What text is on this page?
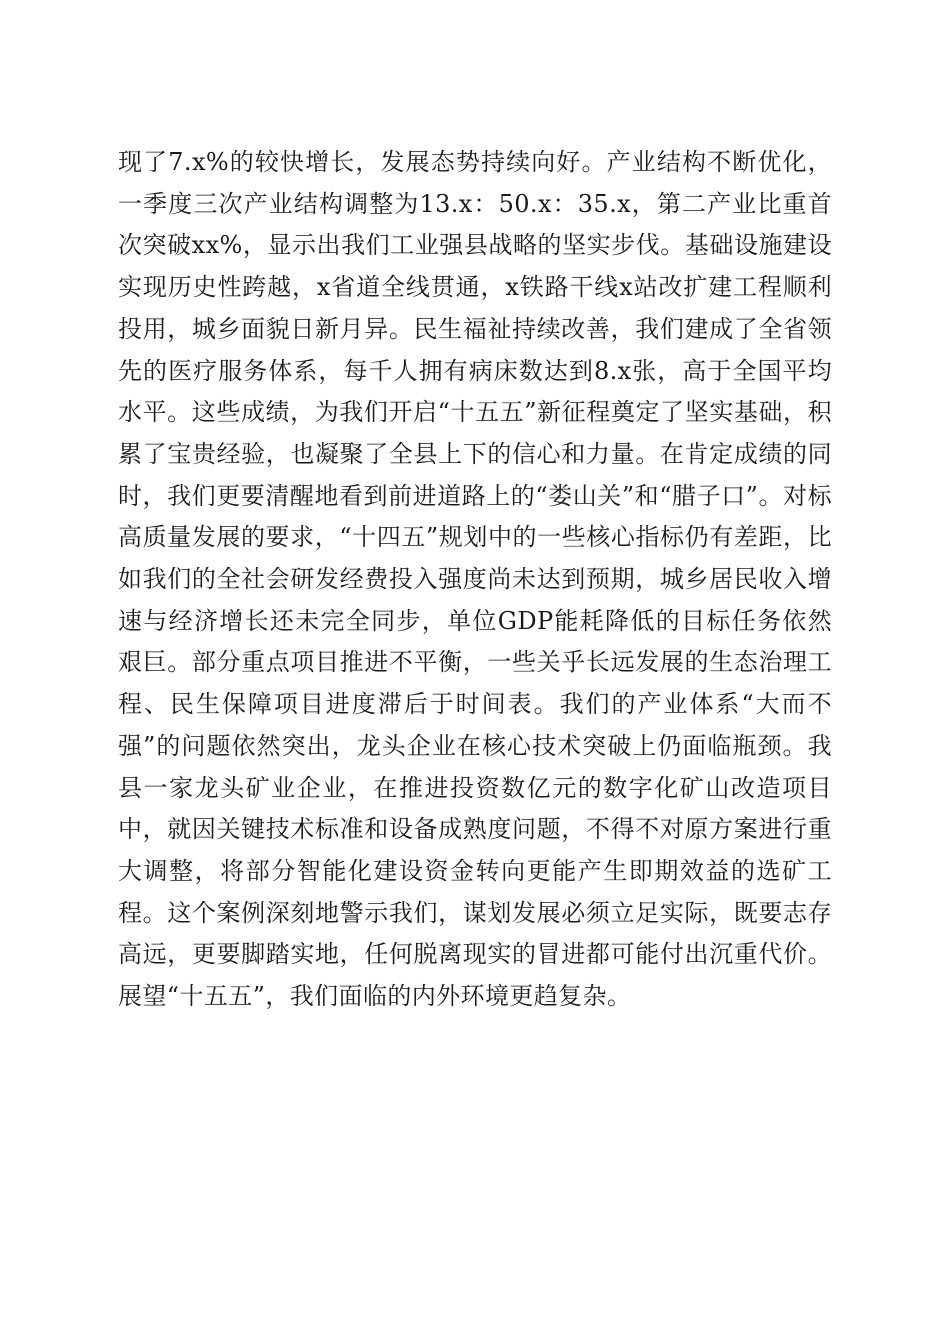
现了7.x%的较快增长，发展态势持续向好。产业结构不断优化，一季度三次产业结构调整为13.x：50.x：35.x，第二产业比重首次突破xx%，显示出我们工业强县战略的坚实步伐。基础设施建设实现历史性跨越，x省道全线贯通，x铁路干线x站改扩建工程顺利投用，城乡面貌日新月异。民生福祉持续改善，我们建成了全省领先的医疗服务体系，每千人拥有病床数达到8.x张，高于全国平均水平。这些成绩，为我们开启“十五五”新征程奠定了坚实基础，积累了宝贵经验，也凝聚了全县上下的信心和力量。在肯定成绩的同时，我们更要清醒地看到前进道路上的“娄山关”和“腊子口”。对标高质量发展的要求，“十四五”规划中的一些核心指标仍有差距，比如我们的全社会研发经费投入强度尚未达到预期，城乡居民收入增速与经济增长还未完全同步，单位GDP能耗降低的目标任务依然艰巨。部分重点项目推进不平衡，一些关乎长远发展的生态治理工程、民生保障项目进度滞后于时间表。我们的产业体系“大而不强”的问题依然突出，龙头企业在核心技术突破上仍面临瓶颈。我县一家龙头矿业企业，在推进投资数亿元的数字化矿山改造项目中，就因关键技术标准和设备成熟度问题，不得不对原方案进行重大调整，将部分智能化建设资金转向更能产生即期效益的选矿工程。这个案例深刻地警示我们，谋划发展必须立足实际，既要志存高远，更要脚踏实地，任何脱离现实的冒进都可能付出沉重代价。展望“十五五”，我们面临的内外环境更趋复杂。
